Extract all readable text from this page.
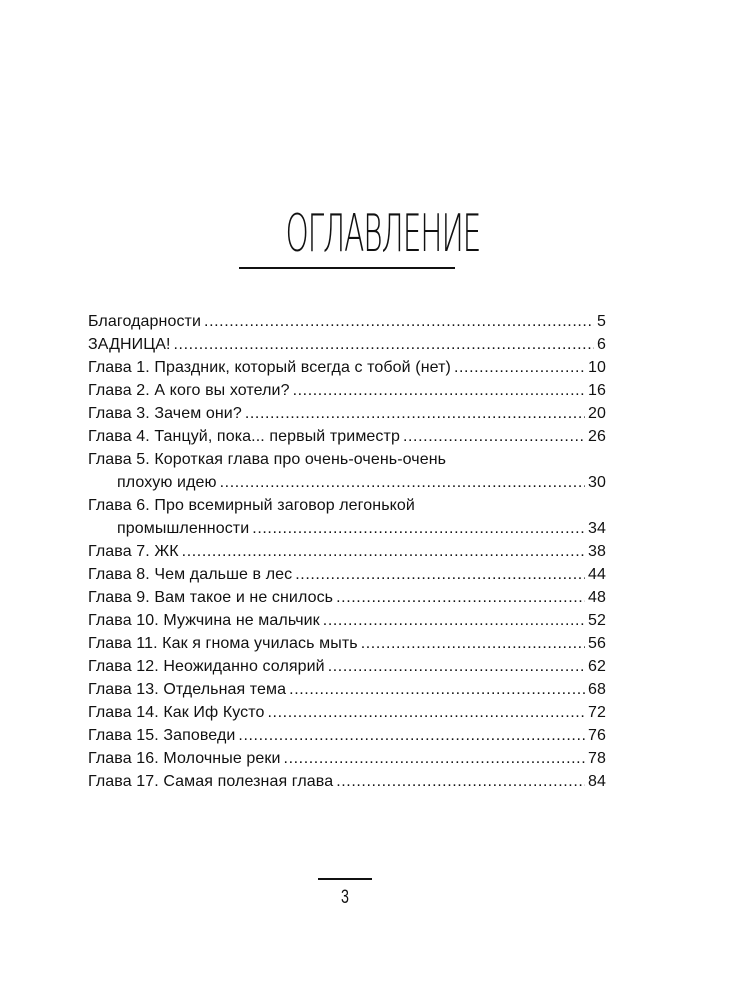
ОГЛАВЛЕНИЕ
Благодарности .....	5
ЗАДНИЦА! .....	6
Глава 1. Праздник, который всегда с тобой (нет) .....	10
Глава 2. А кого вы хотели? .....	16
Глава 3. Зачем они? .....	20
Глава 4. Танцуй, пока... первый триместр .....	26
Глава 5. Короткая глава про очень-очень-очень
плохую идею .....	30
Глава 6. Про всемирный заговор легонькой
промышленности .....	34
Глава 7. ЖК .....	38
Глава 8. Чем дальше в лес .....	44
Глава 9. Вам такое и не снилось .....	48
Глава 10. Мужчина не мальчик .....	52
Глава 11. Как я гнома училась мыть .....	56
Глава 12. Неожиданно солярий .....	62
Глава 13. Отдельная тема .....	68
Глава 14. Как Иф Кусто .....	72
Глава 15. Заповеди .....	76
Глава 16. Молочные реки .....	78
Глава 17. Самая полезная глава .....	84
3
